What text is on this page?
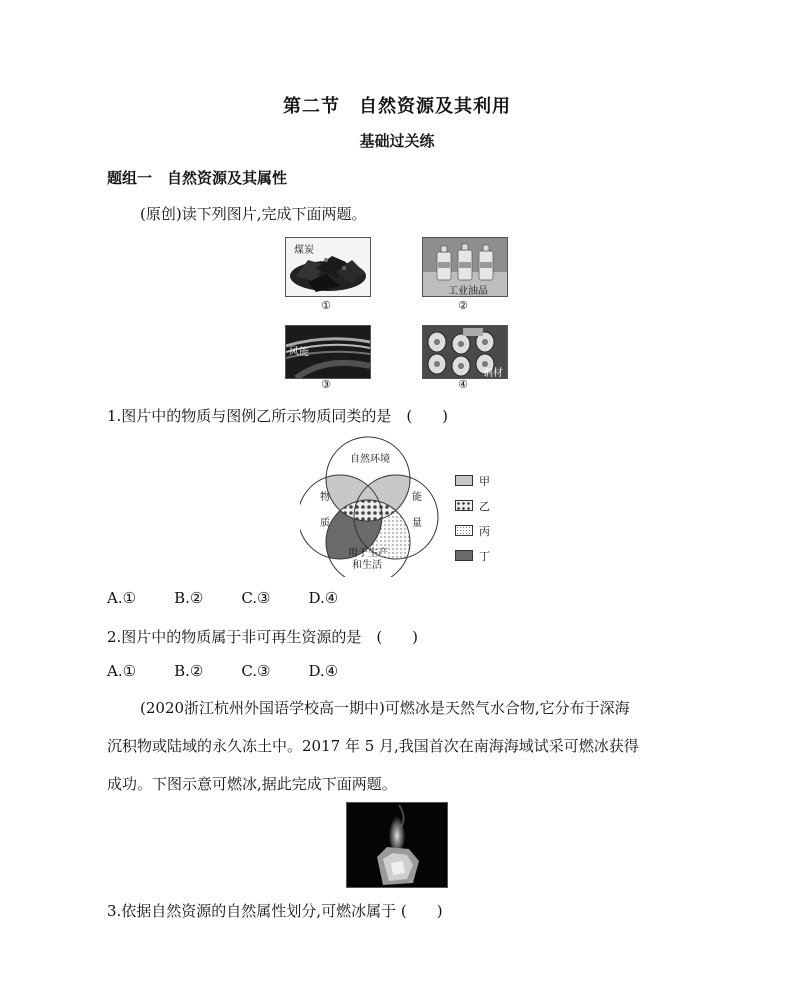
第二节　自然资源及其利用
基础过关练
题组一　自然资源及其属性
(原创)读下列图片,完成下面两题。
煤炭
①
工业油品
②
风能
③
钢材
④
1.图片中的物质与图例乙所示物质同类的是　(　　)
自然环境
物
质
能
量
用于生产
和生活
甲
乙
丙
丁
A.①	B.②	C.③	D.④
2.图片中的物质属于非可再生资源的是　(　　)
A.①	B.②	C.③	D.④
(2020浙江杭州外国语学校高一期中)可燃冰是天然气水合物,它分布于深海
沉积物或陆域的永久冻土中。2017 年 5 月,我国首次在南海海域试采可燃冰获得
成功。下图示意可燃冰,据此完成下面两题。
3.依据自然资源的自然属性划分,可燃冰属于 (　　)
